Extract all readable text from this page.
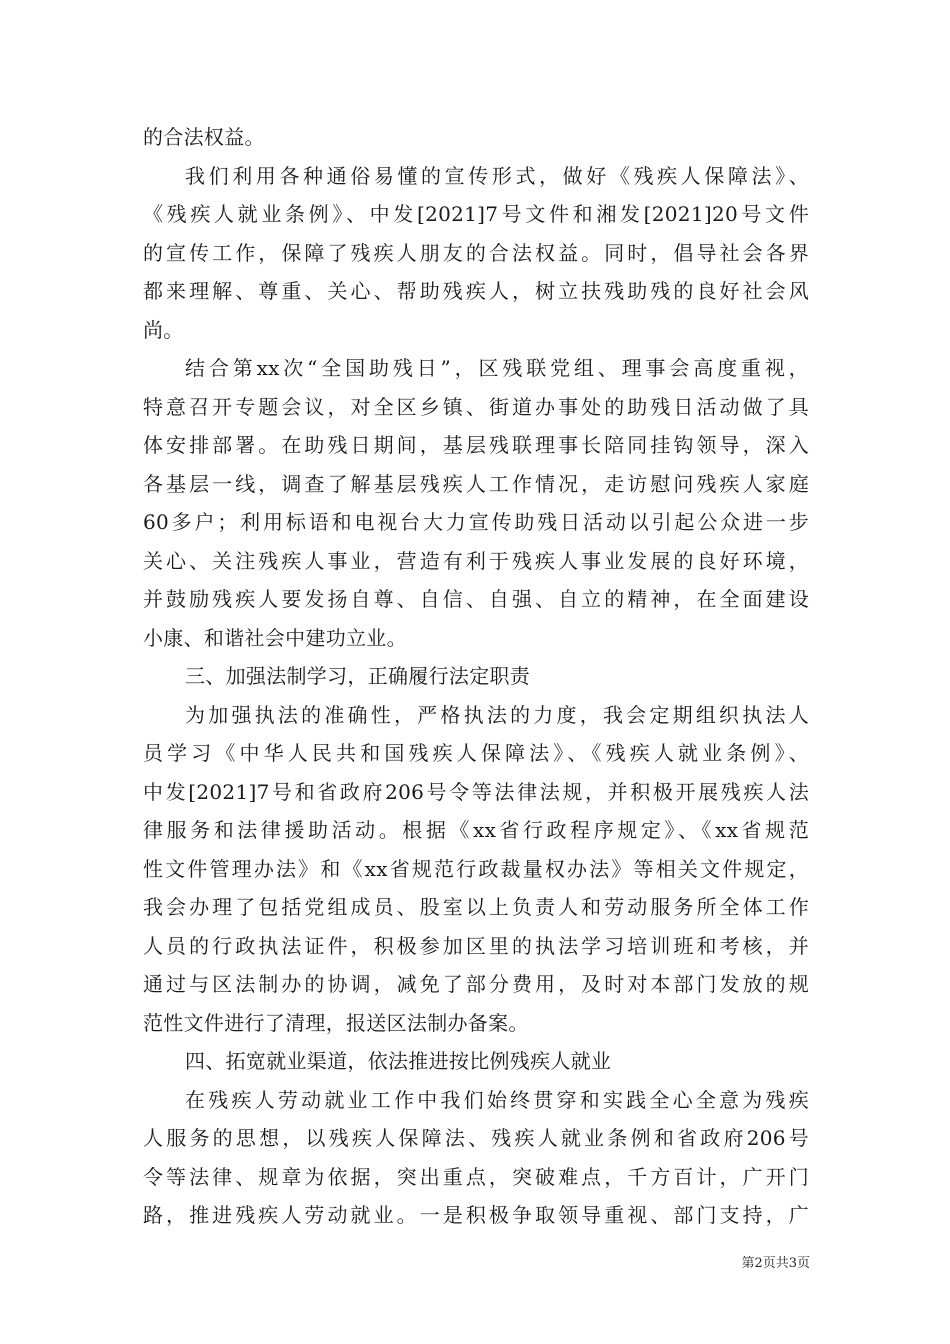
的合法权益。
我们利用各种通俗易懂的宣传形式，做好《残疾人保障法》、
《残疾人就业条例》、中发[2021]7号文件和湘发[2021]20号文件
的宣传工作，保障了残疾人朋友的合法权益。同时，倡导社会各界
都来理解、尊重、关心、帮助残疾人，树立扶残助残的良好社会风
尚。
结合第xx次“全国助残日”，区残联党组、理事会高度重视，
特意召开专题会议，对全区乡镇、街道办事处的助残日活动做了具
体安排部署。在助残日期间，基层残联理事长陪同挂钩领导，深入
各基层一线，调查了解基层残疾人工作情况，走访慰问残疾人家庭
60多户；利用标语和电视台大力宣传助残日活动以引起公众进一步
关心、关注残疾人事业，营造有利于残疾人事业发展的良好环境，
并鼓励残疾人要发扬自尊、自信、自强、自立的精神，在全面建设
小康、和谐社会中建功立业。
三、加强法制学习，正确履行法定职责
为加强执法的准确性，严格执法的力度，我会定期组织执法人
员学习《中华人民共和国残疾人保障法》、《残疾人就业条例》、
中发[2021]7号和省政府206号令等法律法规，并积极开展残疾人法
律服务和法律援助活动。根据《xx省行政程序规定》、《xx省规范
性文件管理办法》和《xx省规范行政裁量权办法》等相关文件规定，
我会办理了包括党组成员、股室以上负责人和劳动服务所全体工作
人员的行政执法证件，积极参加区里的执法学习培训班和考核，并
通过与区法制办的协调，减免了部分费用，及时对本部门发放的规
范性文件进行了清理，报送区法制办备案。
四、拓宽就业渠道，依法推进按比例残疾人就业
在残疾人劳动就业工作中我们始终贯穿和实践全心全意为残疾
人服务的思想，以残疾人保障法、残疾人就业条例和省政府206号
令等法律、规章为依据，突出重点，突破难点，千方百计，广开门
路，推进残疾人劳动就业。一是积极争取领导重视、部门支持，广
第2页共3页
